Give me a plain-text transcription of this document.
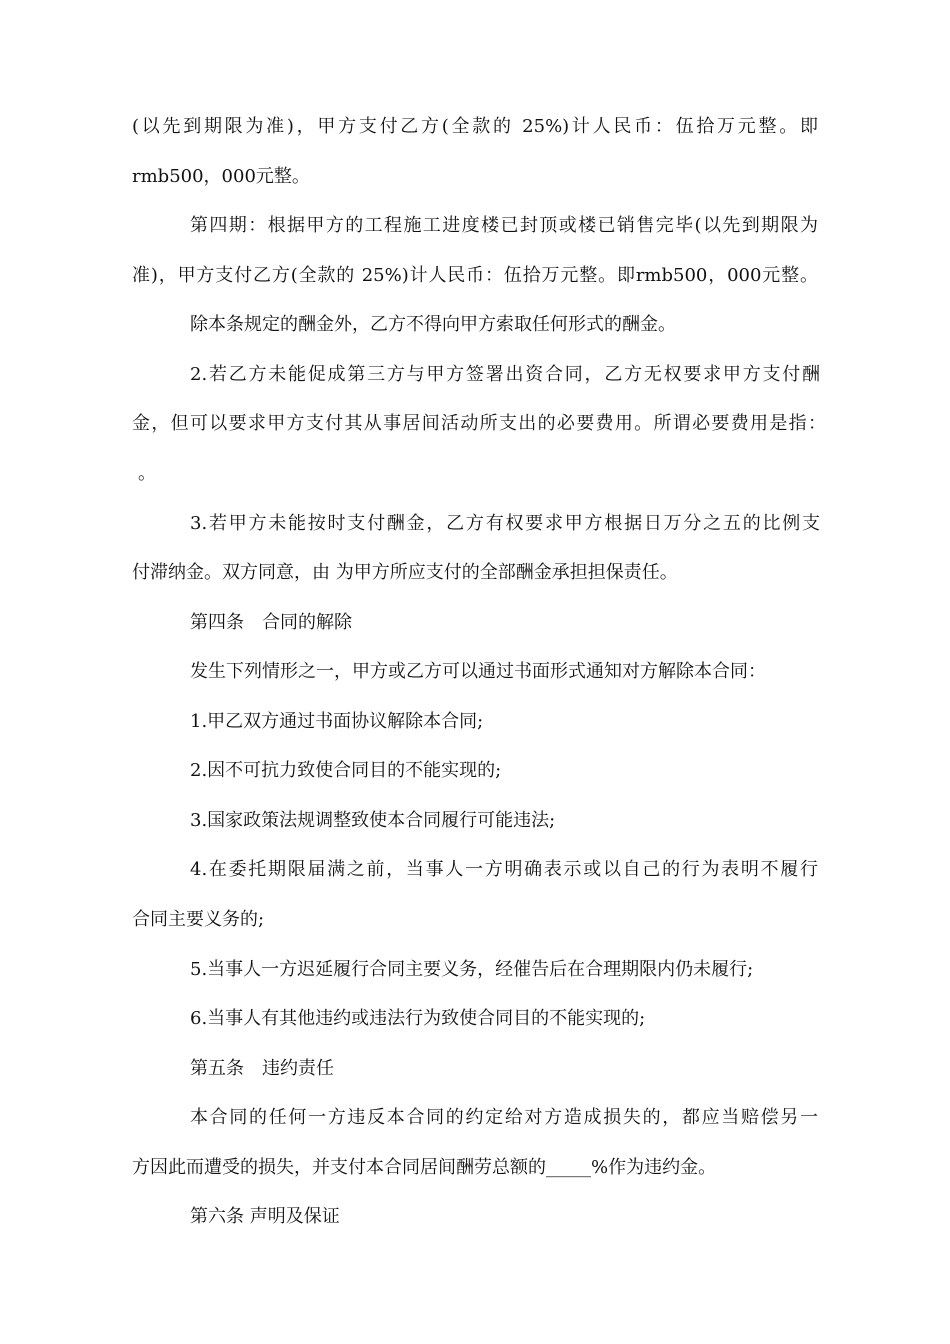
(以先到期限为准)，甲方支付乙方(全款的 25%)计人民币：伍拾万元整。即
rmb500，000元整。
第四期：根据甲方的工程施工进度楼已封顶或楼已销售完毕(以先到期限为
准)，甲方支付乙方(全款的 25%)计人民币：伍拾万元整。即rmb500，000元整。
除本条规定的酬金外，乙方不得向甲方索取任何形式的酬金。
2.若乙方未能促成第三方与甲方签署出资合同，乙方无权要求甲方支付酬
金，但可以要求甲方支付其从事居间活动所支出的必要费用。所谓必要费用是指：
。
3.若甲方未能按时支付酬金，乙方有权要求甲方根据日万分之五的比例支
付滞纳金。双方同意，由 为甲方所应支付的全部酬金承担担保责任。
第四条　合同的解除
发生下列情形之一，甲方或乙方可以通过书面形式通知对方解除本合同：
1.甲乙双方通过书面协议解除本合同;
2.因不可抗力致使合同目的不能实现的;
3.国家政策法规调整致使本合同履行可能违法;
4.在委托期限届满之前，当事人一方明确表示或以自己的行为表明不履行
合同主要义务的;
5.当事人一方迟延履行合同主要义务，经催告后在合理期限内仍未履行;
6.当事人有其他违约或违法行为致使合同目的不能实现的;
第五条　违约责任
本合同的任何一方违反本合同的约定给对方造成损失的，都应当赔偿另一
方因此而遭受的损失，并支付本合同居间酬劳总额的_____%作为违约金。
第六条 声明及保证
